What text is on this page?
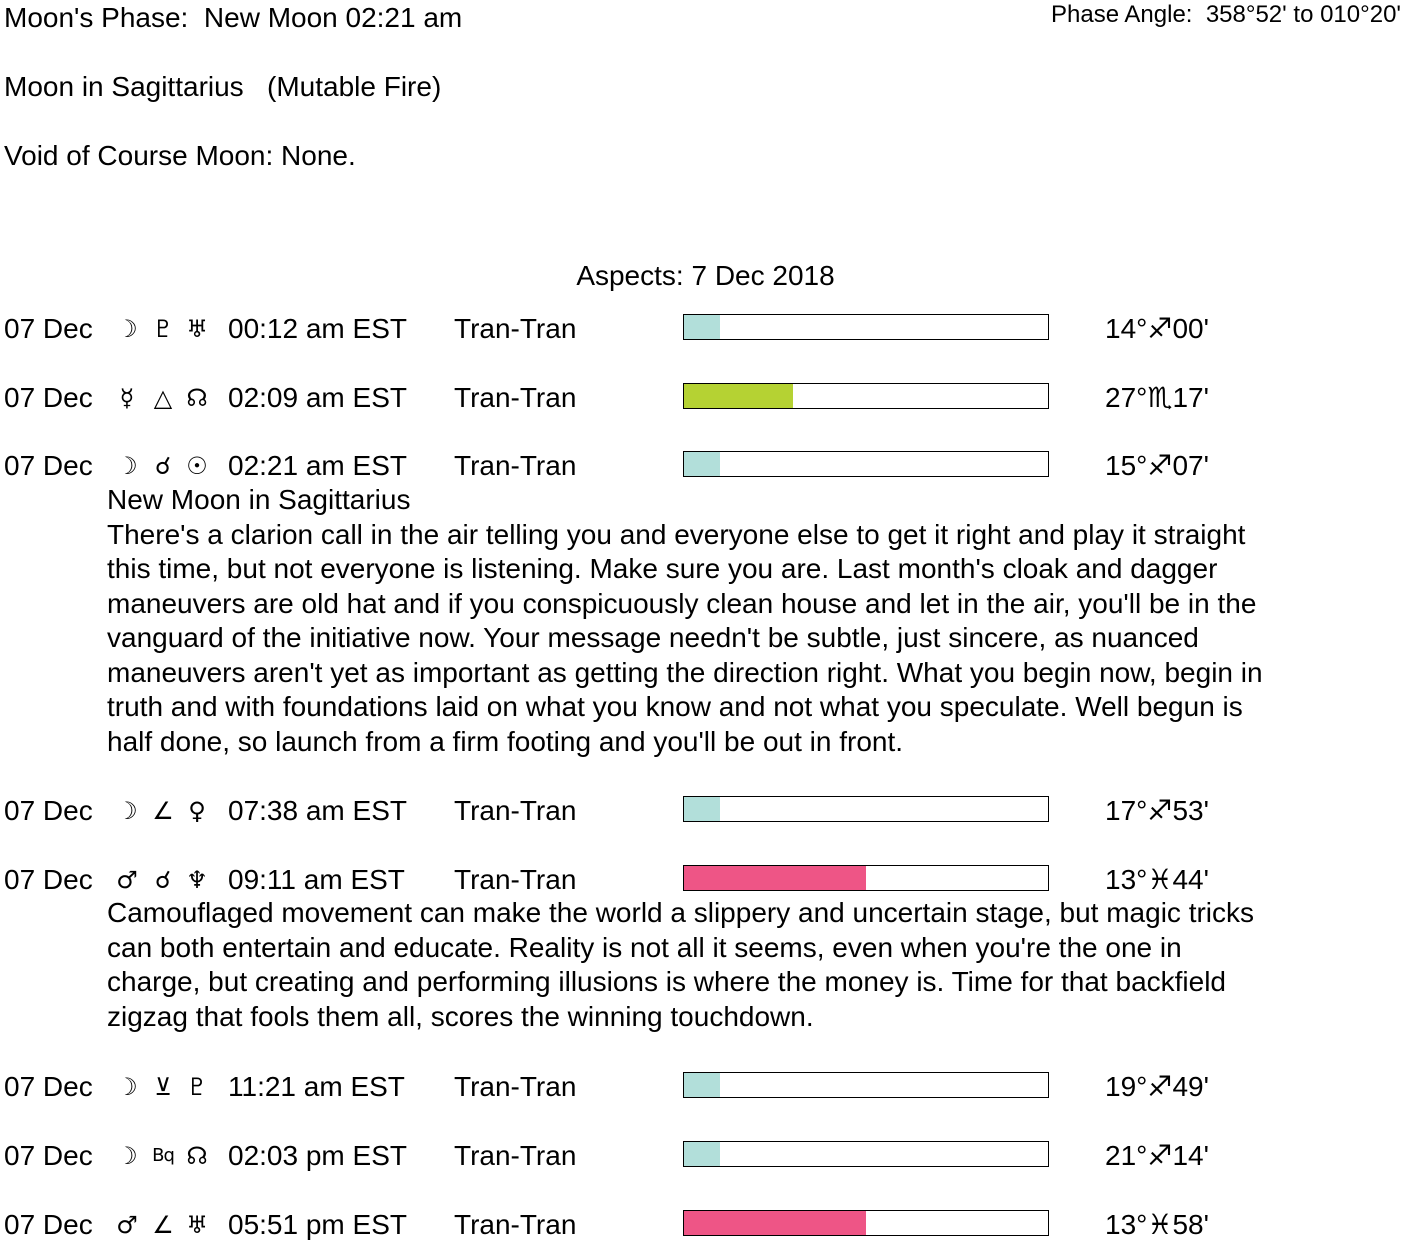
Moon's Phase:  New Moon 02:21 am	Phase Angle:  358°52' to 010°20'
Moon in Sagittarius   (Mutable Fire)
Void of Course Moon: None.
Aspects: 7 Dec 2018
07 Dec ☽ ♇ ♅ 00:12 am EST Tran-Tran	14°♐00'
07 Dec	☿ △ ☊ 02:09 am EST Tran-Tran	27°♏17'
07 Dec ☽ ☌ ☉ 02:21 am EST Tran-Tran	15°♐07'
New Moon in Sagittarius
There's a clarion call in the air telling you and everyone else to get it right and play it straight
this time, but not everyone is listening. Make sure you are. Last month's cloak and dagger
maneuvers are old hat and if you conspicuously clean house and let in the air, you'll be in the
vanguard of the initiative now. Your message needn't be subtle, just sincere, as nuanced
maneuvers aren't yet as important as getting the direction right. What you begin now, begin in
truth and with foundations laid on what you know and not what you speculate. Well begun is
half done, so launch from a firm footing and you'll be out in front.
07 Dec ☽ ∠ ♀ 07:38 am EST Tran-Tran	17°♐53'
07 Dec ♂ ☌ ♆ 09:11 am EST Tran-Tran	13°♓44'
Camouflaged movement can make the world a slippery and uncertain stage, but magic tricks
can both entertain and educate. Reality is not all it seems, even when you're the one in
charge, but creating and performing illusions is where the money is. Time for that backfield
zigzag that fools them all, scores the winning touchdown.
07 Dec ☽ ⊻ ♇ 11:21 am EST Tran-Tran	19°♐49'
07 Dec ☽ Bq ☊ 02:03 pm EST Tran-Tran	21°♐14'
07 Dec ♂ ∠ ♅ 05:51 pm EST Tran-Tran	13°♓58'
